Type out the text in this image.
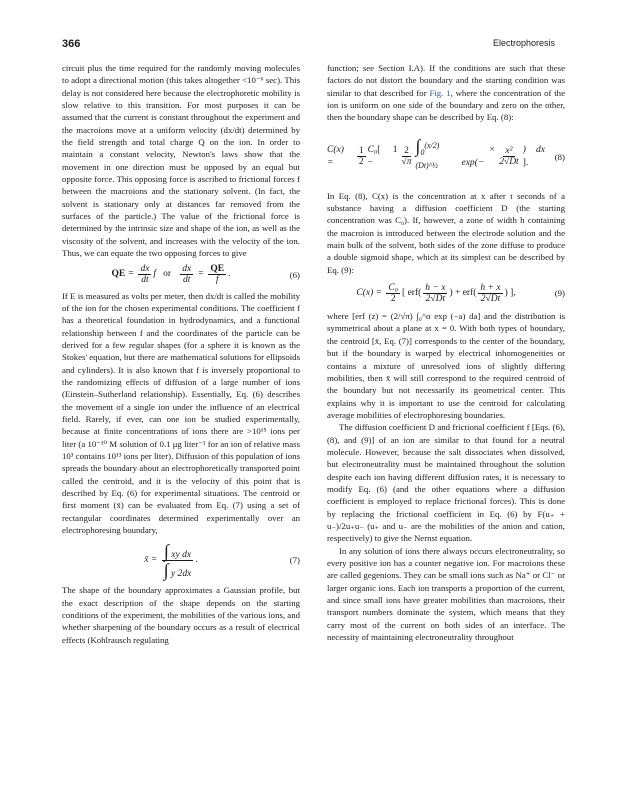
366	Electrophoresis

circuit plus the time required for the randomly moving molecules to adopt a directional motion (this takes altogether <10⁻⁶ sec). This delay is not considered here because the electrophoretic mobility is slow relative to this transition. For most purposes it can be assumed that the current is constant throughout the experiment and the macroions move at a uniform velocity (dx/dt) determined by the field strength and total charge Q on the ion. In order to maintain a constant velocity, Newton's laws show that the movement in one direction must be opposed by an equal but opposite force. This opposing force is ascribed to frictional forces f between the macroions and the stationary solvent. (In fact, the solvent is stationary only at distances far removed from the surfaces of the particle.) The value of the frictional force is determined by the intrinsic size and shape of the ion, as well as the viscosity of the solvent, and increases with the velocity of the ion. Thus, we can equate the two opposing forces to give

QE = $\frac{dx}{dt}$ f   or $\frac{dx}{dt} = \frac{QE}{f}$ .	(6)

If E is measured as volts per meter, then dx/dt is called the mobility of the ion for the chosen experimental conditions. The coefficient f has a theoretical foundation in hydrodynamics, and a functional relationship between f and the coordinates of the particle can be derived for a few regular shapes (for a sphere it is known as the Stokes' equation, but there are mathematical solutions for ellipsoids and cylinders). It is also known that f is inversely proportional to the randomizing effects of diffusion of a large number of ions (Einstein–Sutherland relationship). Essentially, Eq. (6) describes the movement of a single ion under the influence of an electrical field. Rarely, if ever, can one ion be studied experimentally, because at finite concentrations of ions there are >10¹⁵ ions per liter (a 10⁻¹⁰ M solution of 0.1 μg liter⁻¹ for an ion of relative mass 10³ contains 10¹³ ions per liter). Diffusion of this population of ions spreads the boundary about an electrophoretically transported point called the centroid, and it is the velocity of this point that is described by Eq. (6) for experimental situations. The centroid or first moment (x̄) can be evaluated from Eq. (7) using a set of rectangular coordinates determined experimentally over an electrophoresing boundary,

x̄ = $\frac{\text{∫ xy dx}}{\int y 2dx}$ .	(7)

The shape of the boundary approximates a Gaussian profile, but the exact description of the shape depends on the starting conditions of the experiment, the mobilities of the various ions, and whether sharpening of the boundary occurs as a result of electrical effects (Kohlrausch regulating

function; see Section I.A). If the conditions are such that these factors do not distort the boundary and the starting condition was similar to that described for Fig. 1, where the concentration of the ion is uniform on one side of the boundary and zero on the other, then the boundary shape can be described by Eq. (8):

C(x) =	$\frac{1}{2} C_0$[ 1 −	$\frac{2}{√\pi} \int_0^{(x/2)(Dt)\^{}\frac{1}{2}}$
× exp(−	$\frac{\text{x²}}{2√Dt}$ ) dx ].
(8)

In Eq. (8), C(x) is the concentration at x after t seconds of a substance having a diffusion coefficient D (the starting concentration was C₀). If, however, a zone of width h containing the macroion is introduced between the electrode solution and the main bulk of the solvent, both sides of the zone diffuse to produce a double sigmoid shape, which at its simplest can be described by Eq. (9):

$C(x) = \frac{\text{C₀}}{2}$ [ $erf( \frac{h - x}{2√Dt}$ ) + $erf( \frac{h + x}{2√Dt}$ ) ],	(9)

where [erf (z) = (2/√π) ∫₀^α exp (−a) da] and the distribution is symmetrical about a plane at x = 0. With both types of boundary, the centroid [x̄, Eq. (7)] corresponds to the center of the boundary, but if the boundary is warped by electrical inhomogeneities or contains a mixture of unresolved ions of slightly differing mobilities, then x̄ will still correspond to the required centroid of the boundary but not necessarily its geometrical center. This explains why it is important to use the centroid for calculating average mobilities of electrophoresing boundaries.

The diffusion coefficient D and frictional coefficient f [Eqs. (6), (8), and (9)] of an ion are similar to that found for a neutral molecule. However, because the salt dissociates when dissolved, but electroneutrality must be maintained throughout the solution despite each ion having different diffusion rates, it is necessary to modify Eq. (6) (and the other equations where a diffusion coefficient is employed to replace frictional forces). This is done by replacing the frictional coefficient in Eq. (6) by F(u₊ + u₋)/2u₊u₋ (u₊ and u₋ are the mobilities of the anion and cation, respectively) to give the Nernst equation.

In any solution of ions there always occurs electroneutrality, so every positive ion has a counter negative ion. For macroions these are called gegenions. They can be small ions such as Na⁺ or Cl⁻ or larger organic ions. Each ion transports a proportion of the current, and since small ions have greater mobilities than macroions, their transport numbers dominate the system, which means that they carry most of the current on both sides of an interface. The necessity of maintaining electroneutrality throughout
